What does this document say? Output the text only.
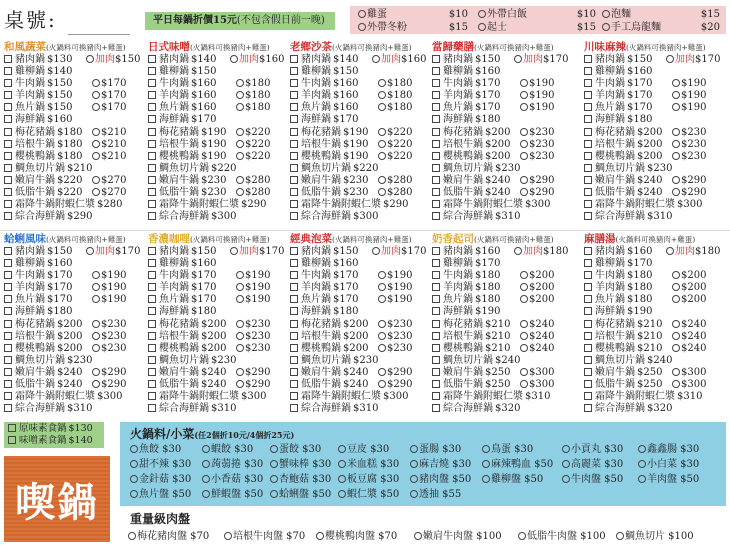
桌號:	平日每鍋折價15元(不包含假日前一晚)
雞蛋	$10	外帶白飯	$10	泡麵	$15
外帶冬粉	$15	起士	$15	手工烏龍麵	$20
和風蔬菜(火鍋料可換豬肉+雞蛋)
豬肉鍋 $130	加肉$150
雞柳鍋 $140
牛肉鍋 $150	$170
羊肉鍋 $150	$170
魚片鍋 $150	$170
海鮮鍋 $160
梅花豬鍋 $180	$210
培根牛鍋 $180	$210
櫻桃鴨鍋 $180	$210
鯛魚切片鍋 $210
嫩肩牛鍋 $220	$270
低脂牛鍋 $220	$270
霜降牛鍋附蝦仁漿 $280
綜合海鮮鍋 $290
日式味噌(火鍋料可換豬肉+雞蛋)
豬肉鍋 $140	加肉$160
雞柳鍋 $150
牛肉鍋 $160	$180
羊肉鍋 $160	$180
魚片鍋 $160	$180
海鮮鍋 $170
梅花豬鍋 $190	$220
培根牛鍋 $190	$220
櫻桃鴨鍋 $190	$220
鯛魚切片鍋 $220
嫩肩牛鍋 $230	$280
低脂牛鍋 $230	$280
霜降牛鍋附蝦仁漿 $290
綜合海鮮鍋 $300
老鄉沙茶(火鍋料可換豬肉+雞蛋)
豬肉鍋 $140	加肉$160
雞柳鍋 $150
牛肉鍋 $160	$180
羊肉鍋 $160	$180
魚片鍋 $160	$180
海鮮鍋 $170
梅花豬鍋 $190	$220
培根牛鍋 $190	$220
櫻桃鴨鍋 $190	$220
鯛魚切片鍋 $220
嫩肩牛鍋 $230	$280
低脂牛鍋 $230	$280
霜降牛鍋附蝦仁漿 $290
綜合海鮮鍋 $300
當歸藥膳(火鍋料可換豬肉+雞蛋)
豬肉鍋 $150	加肉$170
雞柳鍋 $160
牛肉鍋 $170	$190
羊肉鍋 $170	$190
魚片鍋 $170	$190
海鮮鍋 $180
梅花豬鍋 $200	$230
培根牛鍋 $200	$230
櫻桃鴨鍋 $200	$230
鯛魚切片鍋 $230
嫩肩牛鍋 $240	$290
低脂牛鍋 $240	$290
霜降牛鍋附蝦仁漿 $300
綜合海鮮鍋 $310
川味麻辣(火鍋料可換豬肉+雞蛋)
豬肉鍋 $150	加肉$170
雞柳鍋 $160
牛肉鍋 $170	$190
羊肉鍋 $170	$190
魚片鍋 $170	$190
海鮮鍋 $180
梅花豬鍋 $200	$230
培根牛鍋 $200	$230
櫻桃鴨鍋 $200	$230
鯛魚切片鍋 $230
嫩肩牛鍋 $240	$290
低脂牛鍋 $240	$290
霜降牛鍋附蝦仁漿 $300
綜合海鮮鍋 $310
蛤蜊風味(火鍋料可換豬肉+雞蛋)
豬肉鍋 $150	加肉$170
雞柳鍋 $160
牛肉鍋 $170	$190
羊肉鍋 $170	$190
魚片鍋 $170	$190
海鮮鍋 $180
梅花豬鍋 $200	$230
培根牛鍋 $200	$230
櫻桃鴨鍋 $200	$230
鯛魚切片鍋 $230
嫩肩牛鍋 $240	$290
低脂牛鍋 $240	$290
霜降牛鍋附蝦仁漿 $300
綜合海鮮鍋 $310
香濃咖哩(火鍋料可換豬肉+雞蛋)
豬肉鍋 $150	加肉$170
雞柳鍋 $160
牛肉鍋 $170	$190
羊肉鍋 $170	$190
魚片鍋 $170	$190
海鮮鍋 $180
梅花豬鍋 $200	$230
培根牛鍋 $200	$230
櫻桃鴨鍋 $200	$230
鯛魚切片鍋 $230
嫩肩牛鍋 $240	$290
低脂牛鍋 $240	$290
霜降牛鍋附蝦仁漿 $300
綜合海鮮鍋 $310
經典泡菜(火鍋料可換豬肉+雞蛋)
豬肉鍋 $150	加肉$170
雞柳鍋 $160
牛肉鍋 $170	$190
羊肉鍋 $170	$190
魚片鍋 $170	$190
海鮮鍋 $180
梅花豬鍋 $200	$230
培根牛鍋 $200	$230
櫻桃鴨鍋 $200	$230
鯛魚切片鍋 $230
嫩肩牛鍋 $240	$290
低脂牛鍋 $240	$290
霜降牛鍋附蝦仁漿 $300
綜合海鮮鍋 $310
奶香起司(火鍋料可換豬肉+雞蛋)
豬肉鍋 $160	加肉$180
雞柳鍋 $170
牛肉鍋 $180	$200
羊肉鍋 $180	$200
魚片鍋 $180	$200
海鮮鍋 $190
梅花豬鍋 $210	$240
培根牛鍋 $210	$240
櫻桃鴨鍋 $210	$240
鯛魚切片鍋 $240
嫩肩牛鍋 $250	$300
低脂牛鍋 $250	$300
霜降牛鍋附蝦仁漿 $310
綜合海鮮鍋 $320
麻膳湯(火鍋料可換豬肉+雞蛋)
豬肉鍋 $160	加肉$180
雞柳鍋 $170
牛肉鍋 $180	$200
羊肉鍋 $180	$200
魚片鍋 $180	$200
海鮮鍋 $190
梅花豬鍋 $210	$240
培根牛鍋 $210	$240
櫻桃鴨鍋 $210	$240
鯛魚切片鍋 $240
嫩肩牛鍋 $250	$300
低脂牛鍋 $250	$300
霜降牛鍋附蝦仁漿 $310
綜合海鮮鍋 $320
原味素食鍋 $130
味噌素食鍋 $140
喫鍋
火鍋料/小菜(任2個折10元/4個折25元)
魚餃 $30	蝦餃 $30	蛋餃 $30	豆皮 $30	蛋腸 $30	鳥蛋 $30	小貢丸 $30	鑫鑫腸 $30
甜不辣 $30	蒟蒻捲 $30	蟹味棒 $30	米血糕 $30	麻吉燒 $30	麻辣鴨血 $50	高麗菜 $30	小白菜 $30
金針菇 $30	小香菇 $30	杏鮑菇 $30	板豆腐 $30	豬肉盤 $50	雞柳盤 $50	牛肉盤 $50	羊肉盤 $50
魚片盤 $50	鮮蝦盤 $50	蛤蜊盤 $50	蝦仁漿 $50	透抽 $55
重量級肉盤
梅花豬肉盤 $70	培根牛肉盤 $70	櫻桃鴨肉盤 $70	嫩肩牛肉盤 $100	低脂牛肉盤 $100	鯛魚切片 $100
